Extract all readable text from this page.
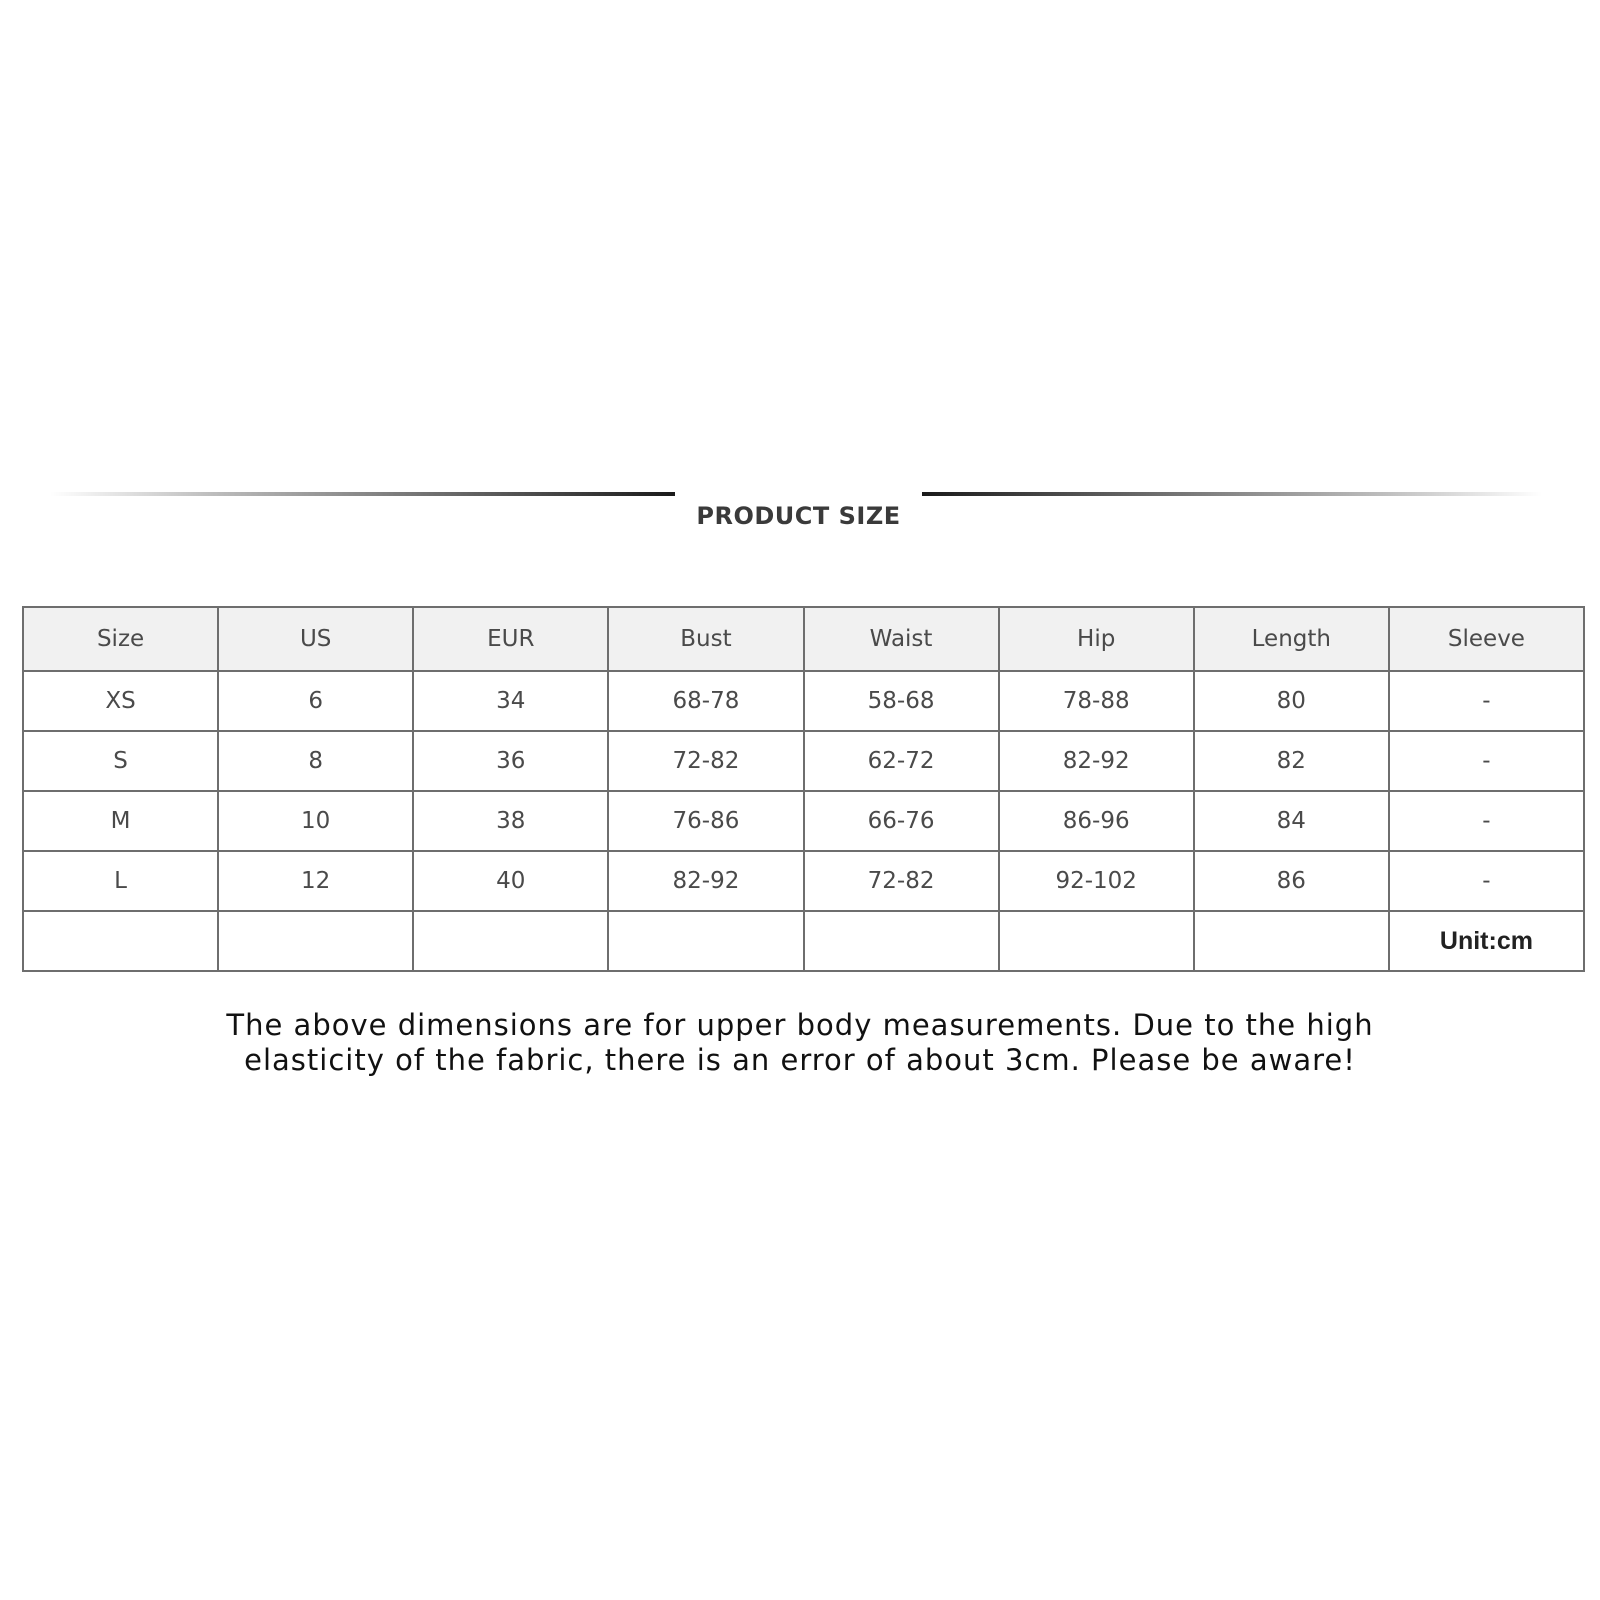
PRODUCT SIZE
Size	US	EUR	Bust	Waist	Hip	Length	Sleeve
XS	6	34	68-78	58-68	78-88	80	-
S	8	36	72-82	62-72	82-92	82	-
M	10	38	76-86	66-76	86-96	84	-
L	12	40	82-92	72-82	92-102	86	-
							Unit:cm
The above dimensions are for upper body measurements. Due to the high
elasticity of the fabric, there is an error of about 3cm. Please be aware!
